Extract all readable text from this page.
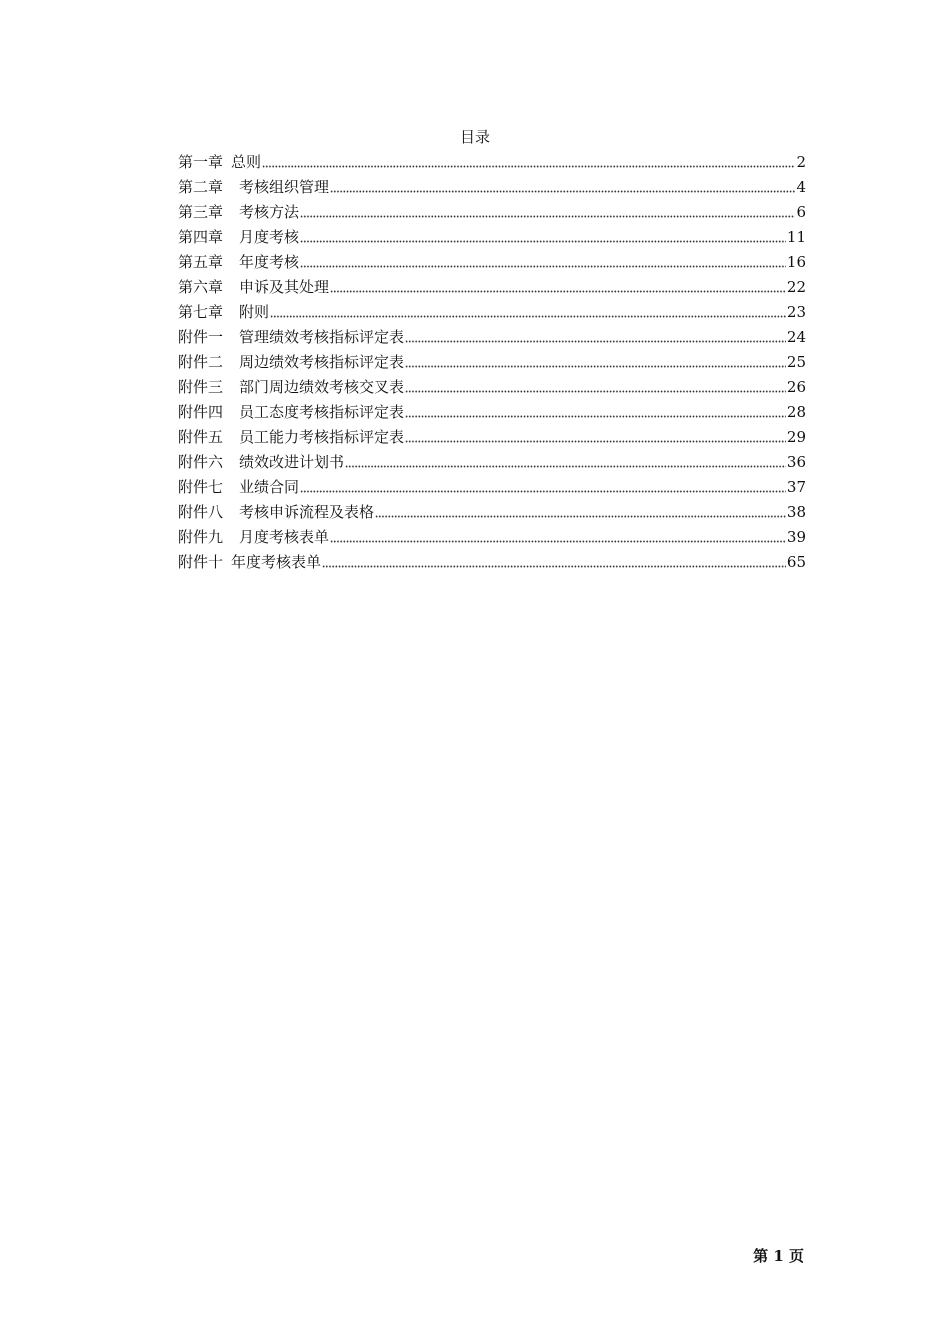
目录
第一章 总则	2
第二章 考核组织管理	4
第三章 考核方法	6
第四章 月度考核	11
第五章 年度考核	16
第六章 申诉及其处理	22
第七章 附则	23
附件一 管理绩效考核指标评定表	24
附件二 周边绩效考核指标评定表	25
附件三 部门周边绩效考核交叉表	26
附件四 员工态度考核指标评定表	28
附件五 员工能力考核指标评定表	29
附件六 绩效改进计划书	36
附件七 业绩合同	37
附件八 考核申诉流程及表格	38
附件九 月度考核表单	39
附件十 年度考核表单	65
第 1 页
